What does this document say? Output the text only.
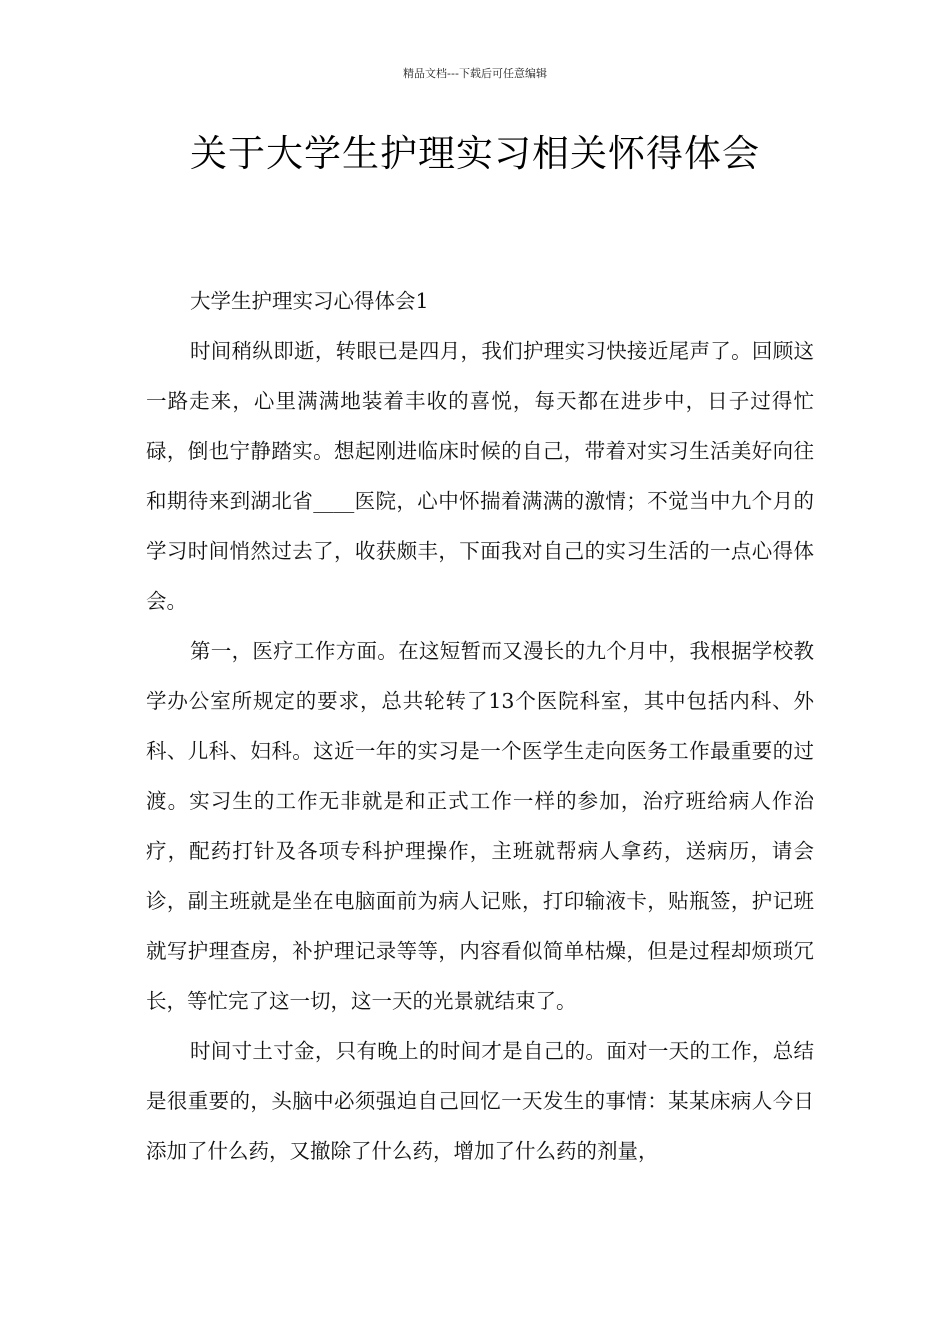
精品文档---下载后可任意编辑
关于大学生护理实习相关怀得体会
大学生护理实习心得体会1

时间稍纵即逝，转眼已是四月，我们护理实习快接近尾声了。回顾这一路走来，心里满满地装着丰收的喜悦，每天都在进步中，日子过得忙碌，倒也宁静踏实。想起刚进临床时候的自己，带着对实习生活美好向往和期待来到湖北省____医院，心中怀揣着满满的激情；不觉当中九个月的学习时间悄然过去了，收获颇丰，下面我对自己的实习生活的一点心得体会。

第一，医疗工作方面。在这短暂而又漫长的九个月中，我根据学校教学办公室所规定的要求，总共轮转了13个医院科室，其中包括内科、外科、儿科、妇科。这近一年的实习是一个医学生走向医务工作最重要的过渡。实习生的工作无非就是和正式工作一样的参加，治疗班给病人作治疗，配药打针及各项专科护理操作，主班就帮病人拿药，送病历，请会诊，副主班就是坐在电脑面前为病人记账，打印输液卡，贴瓶签，护记班就写护理查房，补护理记录等等，内容看似简单枯燥，但是过程却烦琐冗长，等忙完了这一切，这一天的光景就结束了。

时间寸土寸金，只有晚上的时间才是自己的。面对一天的工作，总结是很重要的，头脑中必须强迫自己回忆一天发生的事情：某某床病人今日添加了什么药，又撤除了什么药，增加了什么药的剂量，
